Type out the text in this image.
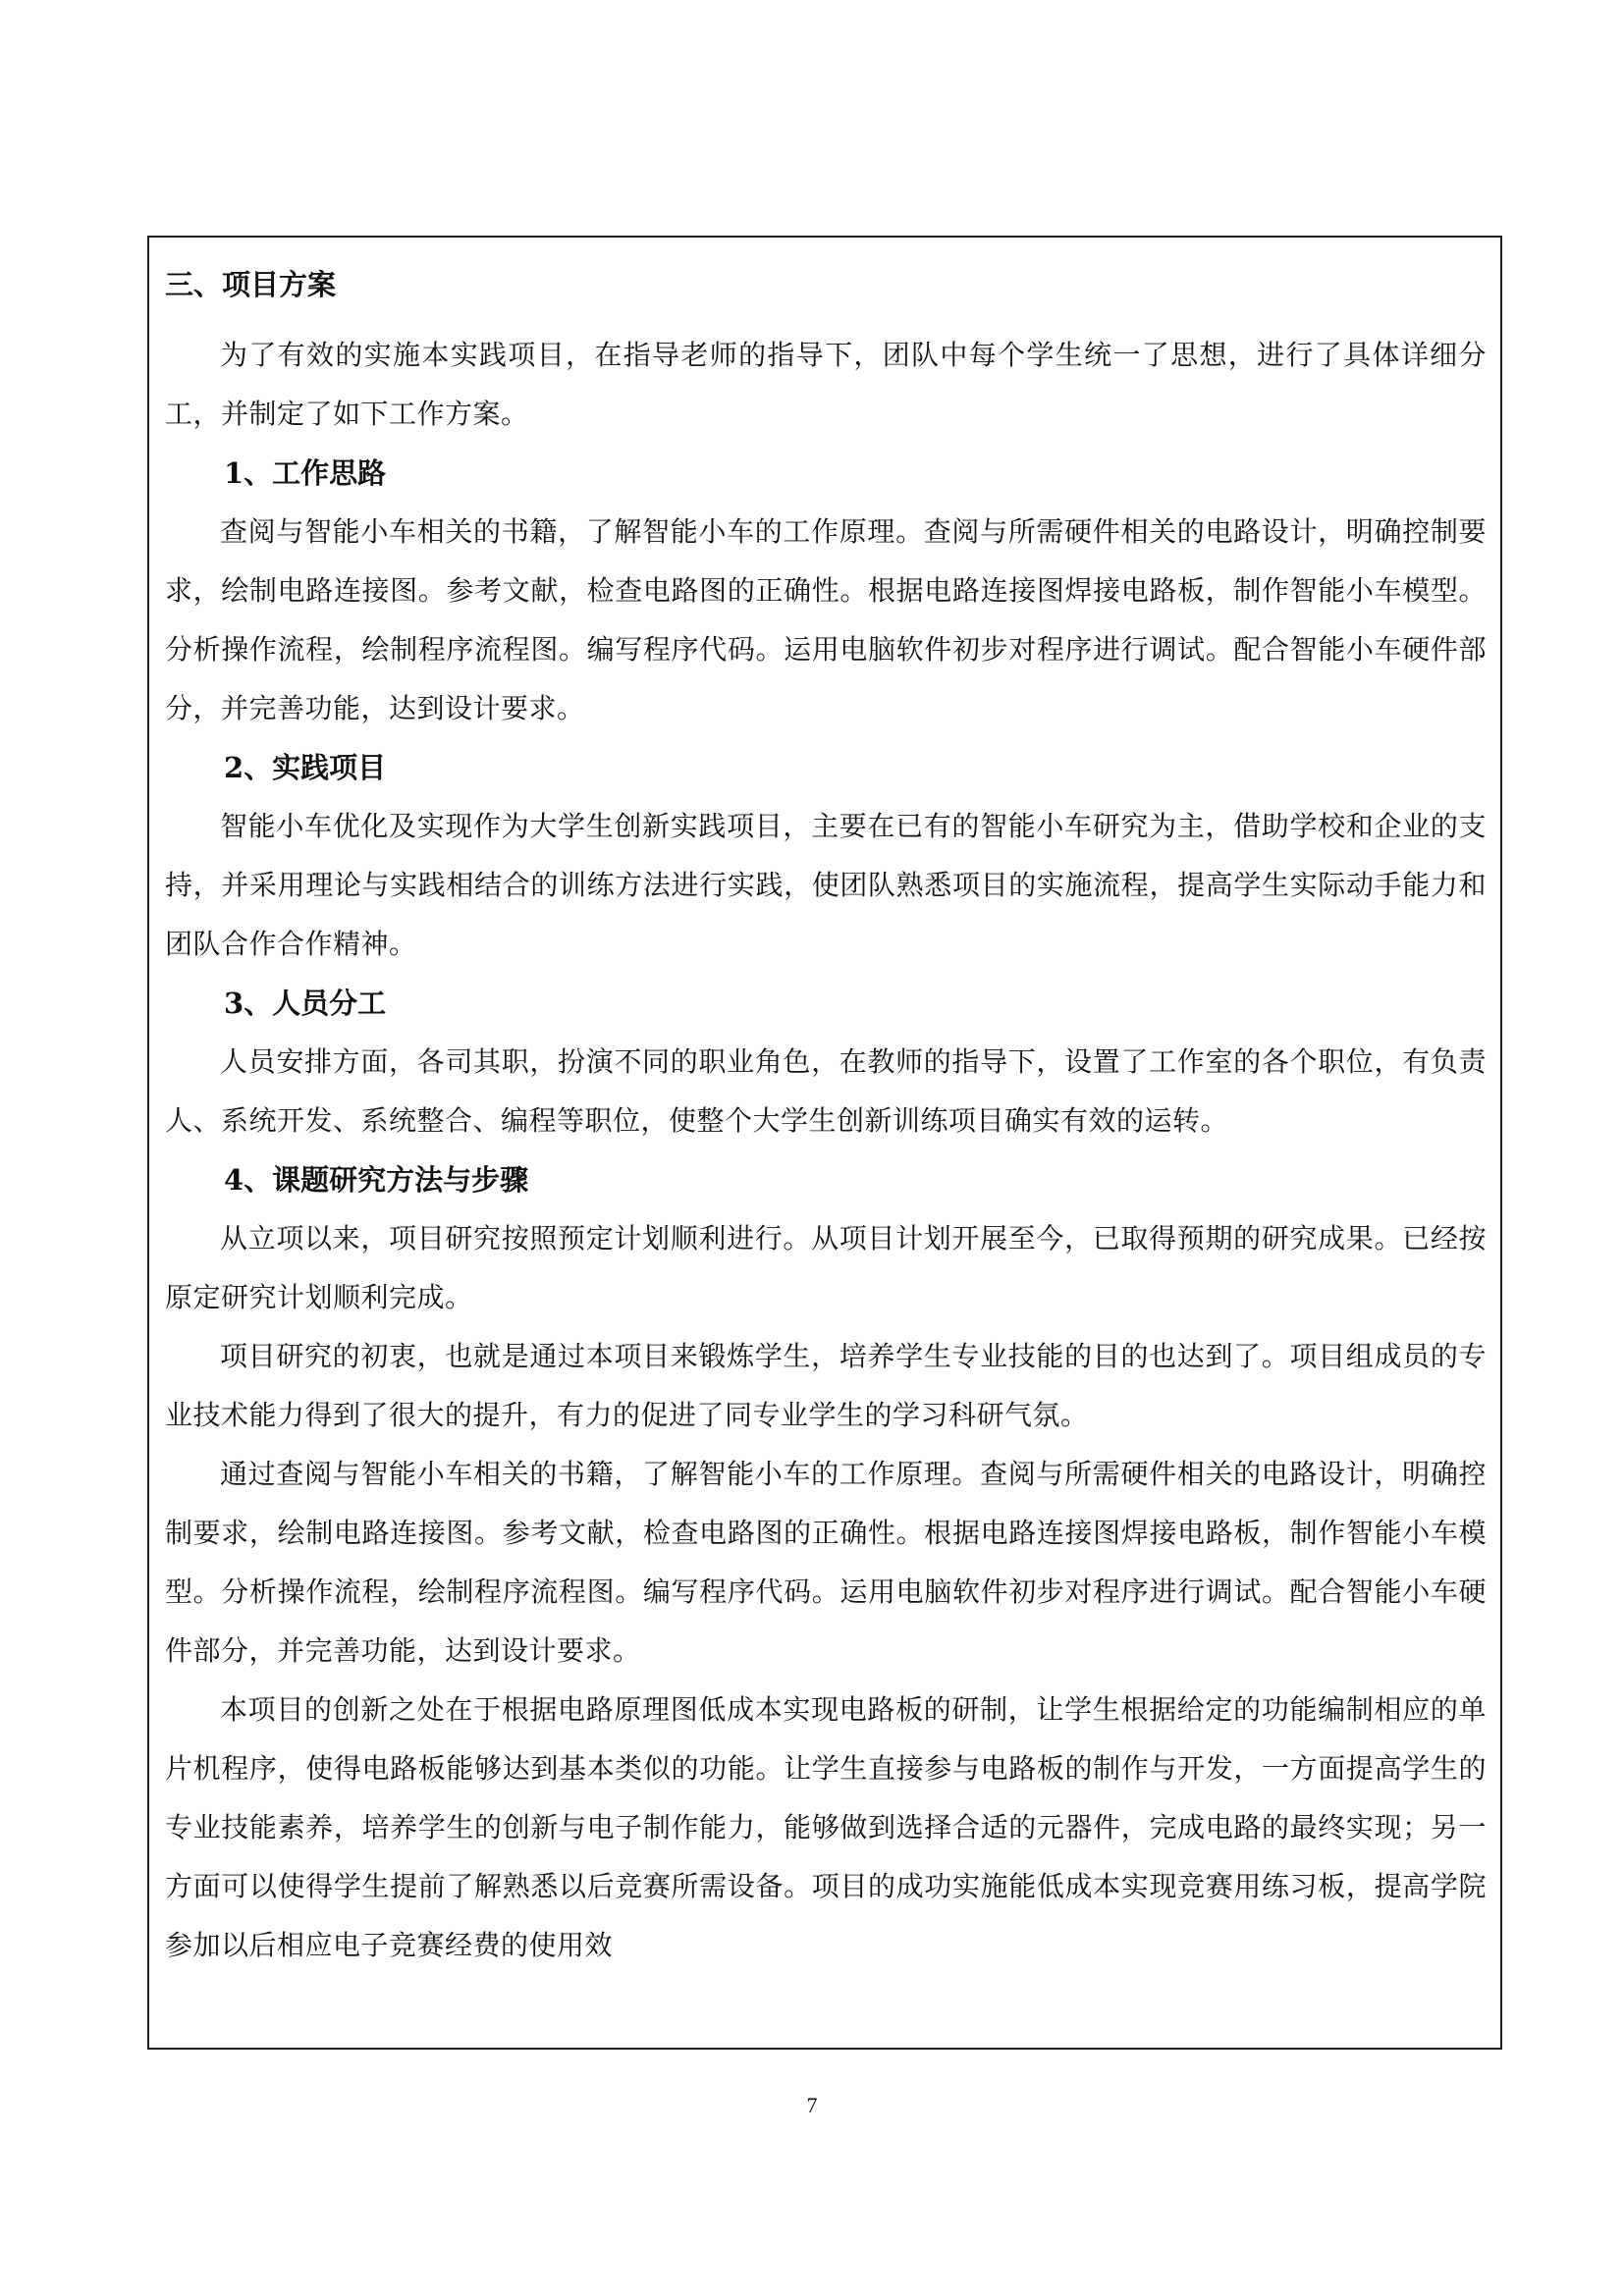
三、项目方案

为了有效的实施本实践项目，在指导老师的指导下，团队中每个学生统一了思想，进行了具体详细分工，并制定了如下工作方案。

1、工作思路

查阅与智能小车相关的书籍，了解智能小车的工作原理。查阅与所需硬件相关的电路设计，明确控制要求，绘制电路连接图。参考文献，检查电路图的正确性。根据电路连接图焊接电路板，制作智能小车模型。分析操作流程，绘制程序流程图。编写程序代码。运用电脑软件初步对程序进行调试。配合智能小车硬件部分，并完善功能，达到设计要求。

2、实践项目

智能小车优化及实现作为大学生创新实践项目，主要在已有的智能小车研究为主，借助学校和企业的支持，并采用理论与实践相结合的训练方法进行实践，使团队熟悉项目的实施流程，提高学生实际动手能力和团队合作合作精神。

3、人员分工

人员安排方面，各司其职，扮演不同的职业角色，在教师的指导下，设置了工作室的各个职位，有负责人、系统开发、系统整合、编程等职位，使整个大学生创新训练项目确实有效的运转。

4、课题研究方法与步骤

从立项以来，项目研究按照预定计划顺利进行。从项目计划开展至今，已取得预期的研究成果。已经按原定研究计划顺利完成。

项目研究的初衷，也就是通过本项目来锻炼学生，培养学生专业技能的目的也达到了。项目组成员的专业技术能力得到了很大的提升，有力的促进了同专业学生的学习科研气氛。

通过查阅与智能小车相关的书籍，了解智能小车的工作原理。查阅与所需硬件相关的电路设计，明确控制要求，绘制电路连接图。参考文献，检查电路图的正确性。根据电路连接图焊接电路板，制作智能小车模型。分析操作流程，绘制程序流程图。编写程序代码。运用电脑软件初步对程序进行调试。配合智能小车硬件部分，并完善功能，达到设计要求。

本项目的创新之处在于根据电路原理图低成本实现电路板的研制，让学生根据给定的功能编制相应的单片机程序，使得电路板能够达到基本类似的功能。让学生直接参与电路板的制作与开发，一方面提高学生的专业技能素养，培养学生的创新与电子制作能力，能够做到选择合适的元器件，完成电路的最终实现；另一方面可以使得学生提前了解熟悉以后竞赛所需设备。项目的成功实施能低成本实现竞赛用练习板，提高学院参加以后相应电子竞赛经费的使用效

7
